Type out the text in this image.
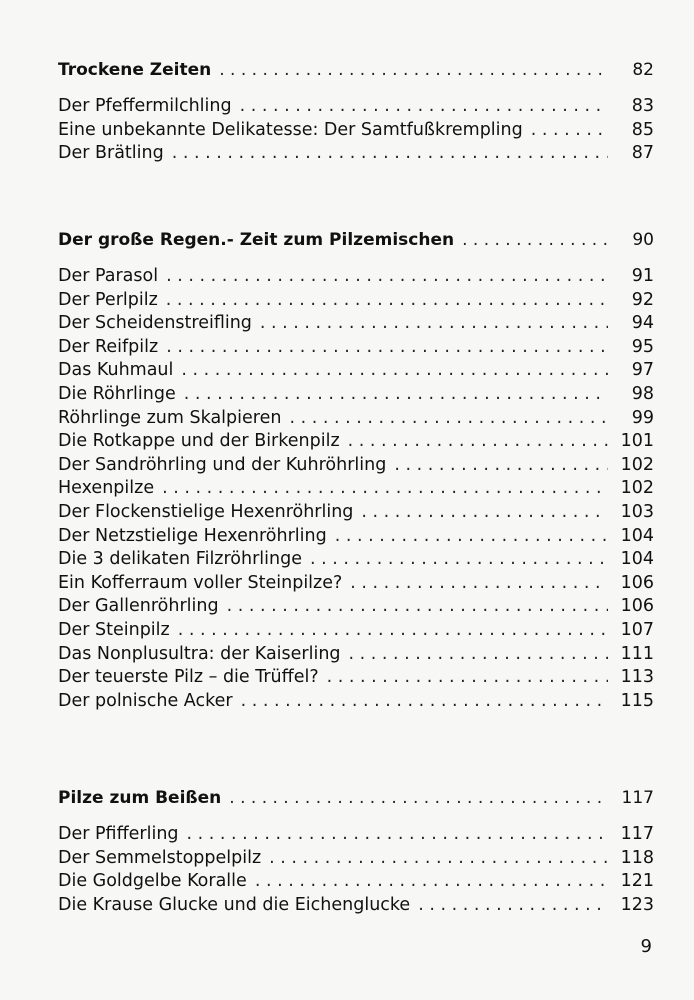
Trockene Zeiten . . .	82
Der Pfeffermilchling . . .	83
Eine unbekannte Delikatesse: Der Samtfußkrempling . . .	85
Der Brätling . . .	87
Der große Regen.- Zeit zum Pilzemischen . . .	90
Der Parasol . . .	91
Der Perlpilz . . .	92
Der Scheidenstreifling . . .	94
Der Reifpilz . . .	95
Das Kuhmaul . . .	97
Die Röhrlinge . . .	98
Röhrlinge zum Skalpieren . . .	99
Die Rotkappe und der Birkenpilz . . .	101
Der Sandröhrling und der Kuhröhrling . . .	102
Hexenpilze . . .	102
Der Flockenstielige Hexenröhrling . . .	103
Der Netzstielige Hexenröhrling . . .	104
Die 3 delikaten Filzröhrlinge . . .	104
Ein Kofferraum voller Steinpilze? . . .	106
Der Gallenröhrling . . .	106
Der Steinpilz . . .	107
Das Nonplusultra: der Kaiserling . . .	111
Der teuerste Pilz – die Trüffel? . . .	113
Der polnische Acker . . .	115
Pilze zum Beißen . . .	117
Der Pfifferling . . .	117
Der Semmelstoppelpilz . . .	118
Die Goldgelbe Koralle . . .	121
Die Krause Glucke und die Eichenglucke . . .	123
9
